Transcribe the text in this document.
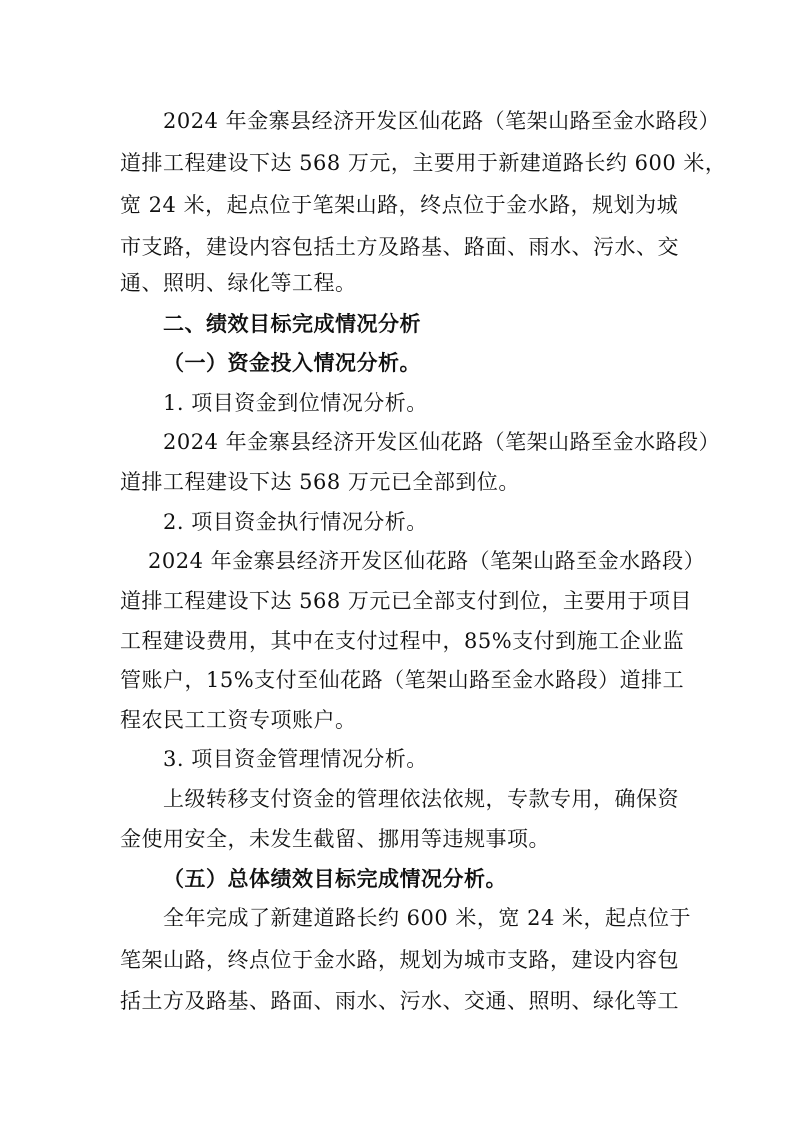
2024 年金寨县经济开发区仙花路（笔架山路至金水路段）
道排工程建设下达 568 万元，主要用于新建道路长约 600 米，
宽 24 米，起点位于笔架山路，终点位于金水路，规划为城
市支路，建设内容包括土方及路基、路面、雨水、污水、交
通、照明、绿化等工程。
二、绩效目标完成情况分析
（一）资金投入情况分析。
1. 项目资金到位情况分析。
2024 年金寨县经济开发区仙花路（笔架山路至金水路段）
道排工程建设下达 568 万元已全部到位。
2. 项目资金执行情况分析。
2024 年金寨县经济开发区仙花路（笔架山路至金水路段）
道排工程建设下达 568 万元已全部支付到位，主要用于项目
工程建设费用，其中在支付过程中，85%支付到施工企业监
管账户，15%支付至仙花路（笔架山路至金水路段）道排工
程农民工工资专项账户。
3. 项目资金管理情况分析。
上级转移支付资金的管理依法依规，专款专用，确保资
金使用安全，未发生截留、挪用等违规事项。
（五）总体绩效目标完成情况分析。
全年完成了新建道路长约 600 米，宽 24 米，起点位于
笔架山路，终点位于金水路，规划为城市支路，建设内容包
括土方及路基、路面、雨水、污水、交通、照明、绿化等工
